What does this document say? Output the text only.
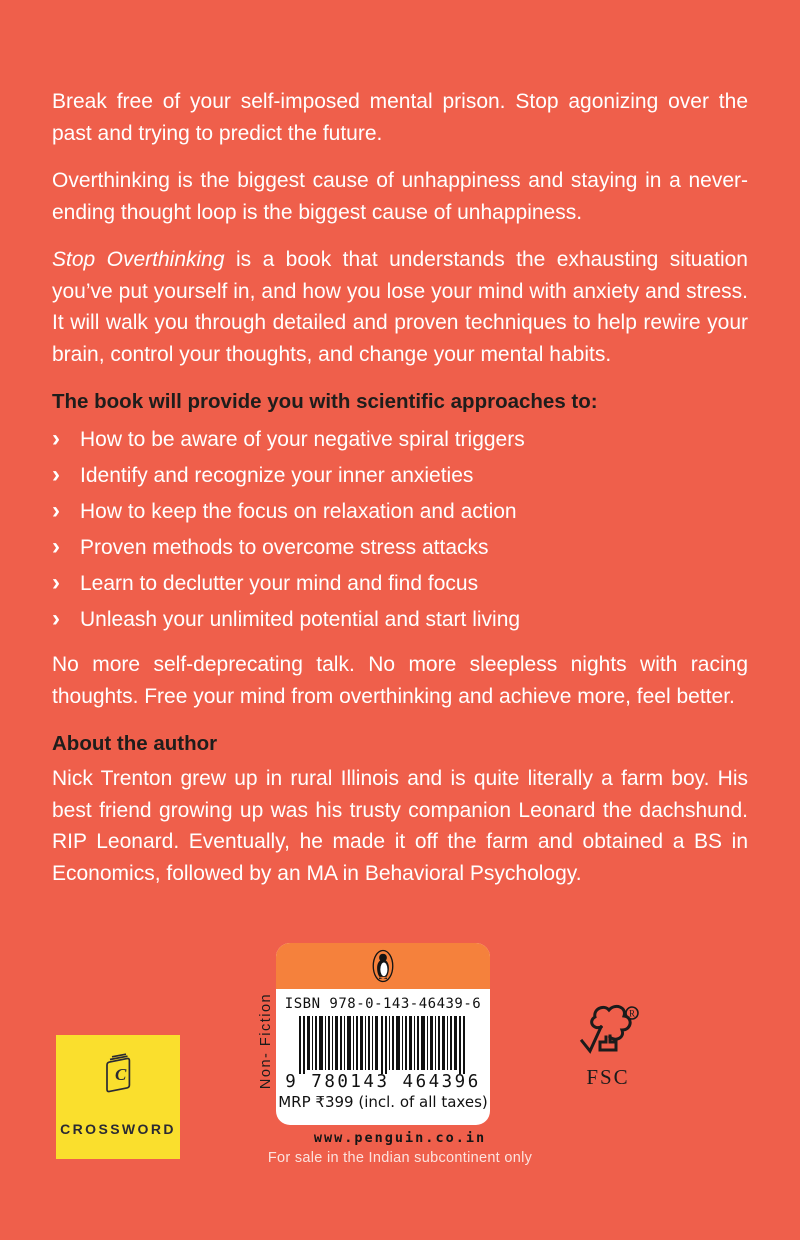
Break free of your self-imposed mental prison. Stop agonizing over the past and trying to predict the future.

Overthinking is the biggest cause of unhappiness and staying in a never-ending thought loop is the biggest cause of unhappiness.

Stop Overthinking is a book that understands the exhausting situation you’ve put yourself in, and how you lose your mind with anxiety and stress. It will walk you through detailed and proven techniques to help rewire your brain, control your thoughts, and change your mental habits.

The book will provide you with scientific approaches to:
› How to be aware of your negative spiral triggers
› Identify and recognize your inner anxieties
› How to keep the focus on relaxation and action
› Proven methods to overcome stress attacks
› Learn to declutter your mind and find focus
› Unleash your unlimited potential and start living

No more self-deprecating talk. No more sleepless nights with racing thoughts. Free your mind from overthinking and achieve more, feel better.

About the author

Nick Trenton grew up in rural Illinois and is quite literally a farm boy. His best friend growing up was his trusty companion Leonard the dachshund. RIP Leonard. Eventually, he made it off the farm and obtained a BS in Economics, followed by an MA in Behavioral Psychology.

C
CROSSWORD
Non- Fiction ISBN 978-0-143-46439-6
9 780143 464396
MRP ₹399 (incl. of all taxes)
www.penguin.co.in
For sale in the Indian subcontinent only
R
FSC
